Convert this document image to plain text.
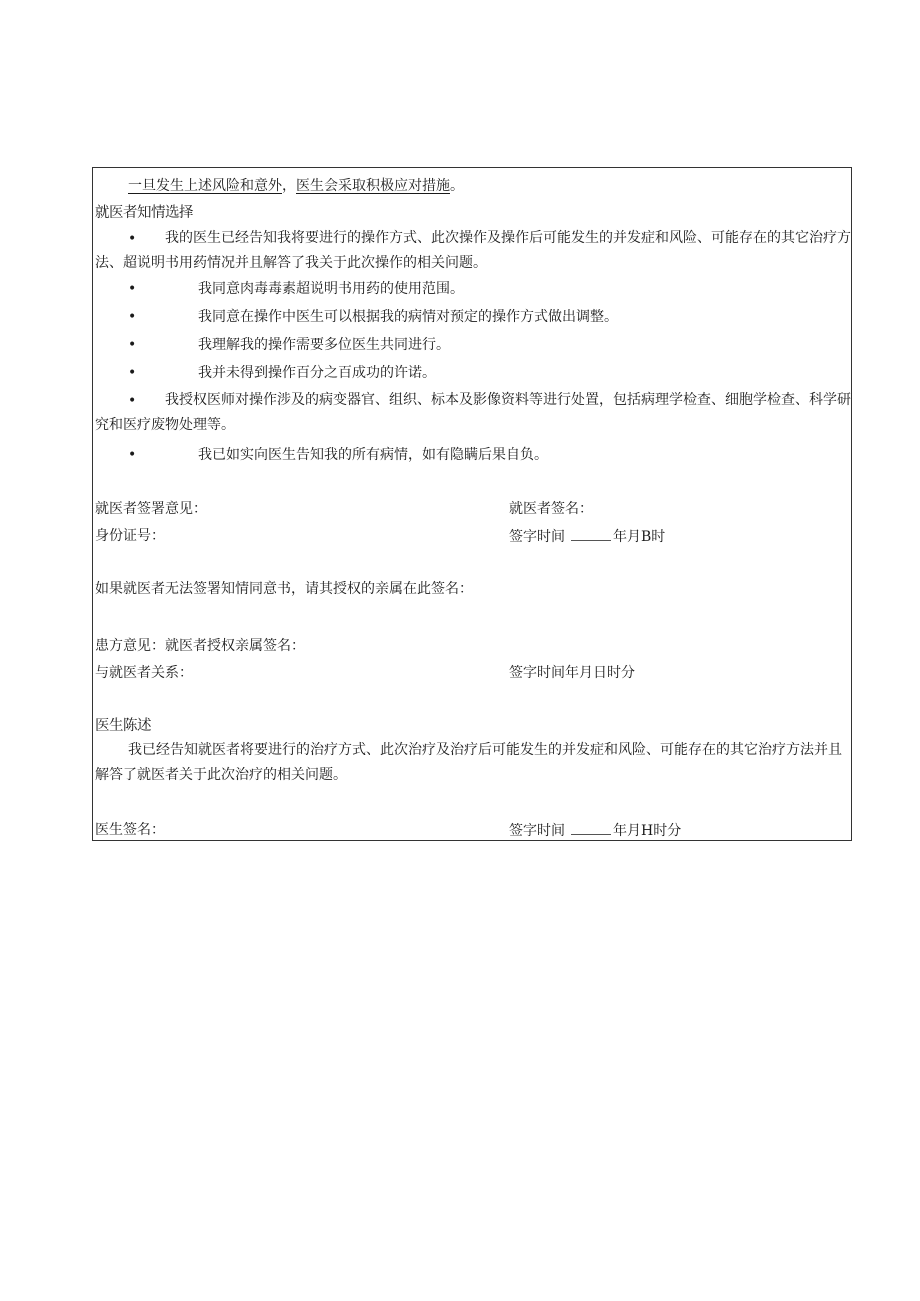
一旦发生上述风险和意外，医生会采取积极应对措施。
就医者知情选择
•	我的医生已经告知我将要进行的操作方式、此次操作及操作后可能发生的并发症和风险、可能存在的其它治疗方法、超说明书用药情况并且解答了我关于此次操作的相关问题。
•	我同意肉毒毒素超说明书用药的使用范围。
•	我同意在操作中医生可以根据我的病情对预定的操作方式做出调整。
•	我理解我的操作需要多位医生共同进行。
•	我并未得到操作百分之百成功的许诺。
•	我授权医师对操作涉及的病变器官、组织、标本及影像资料等进行处置，包括病理学检查、细胞学检查、科学研究和医疗废物处理等。
•	我已如实向医生告知我的所有病情，如有隐瞒后果自负。
就医者签署意见：	就医者签名：
身份证号：	签字时间	年月B时
如果就医者无法签署知情同意书，请其授权的亲属在此签名：
患方意见：就医者授权亲属签名：
与就医者关系：	签字时间年月日时分
医生陈述
我已经告知就医者将要进行的治疗方式、此次治疗及治疗后可能发生的并发症和风险、可能存在的其它治疗方法并且解答了就医者关于此次治疗的相关问题。
医生签名：	签字时间	年月H时分
